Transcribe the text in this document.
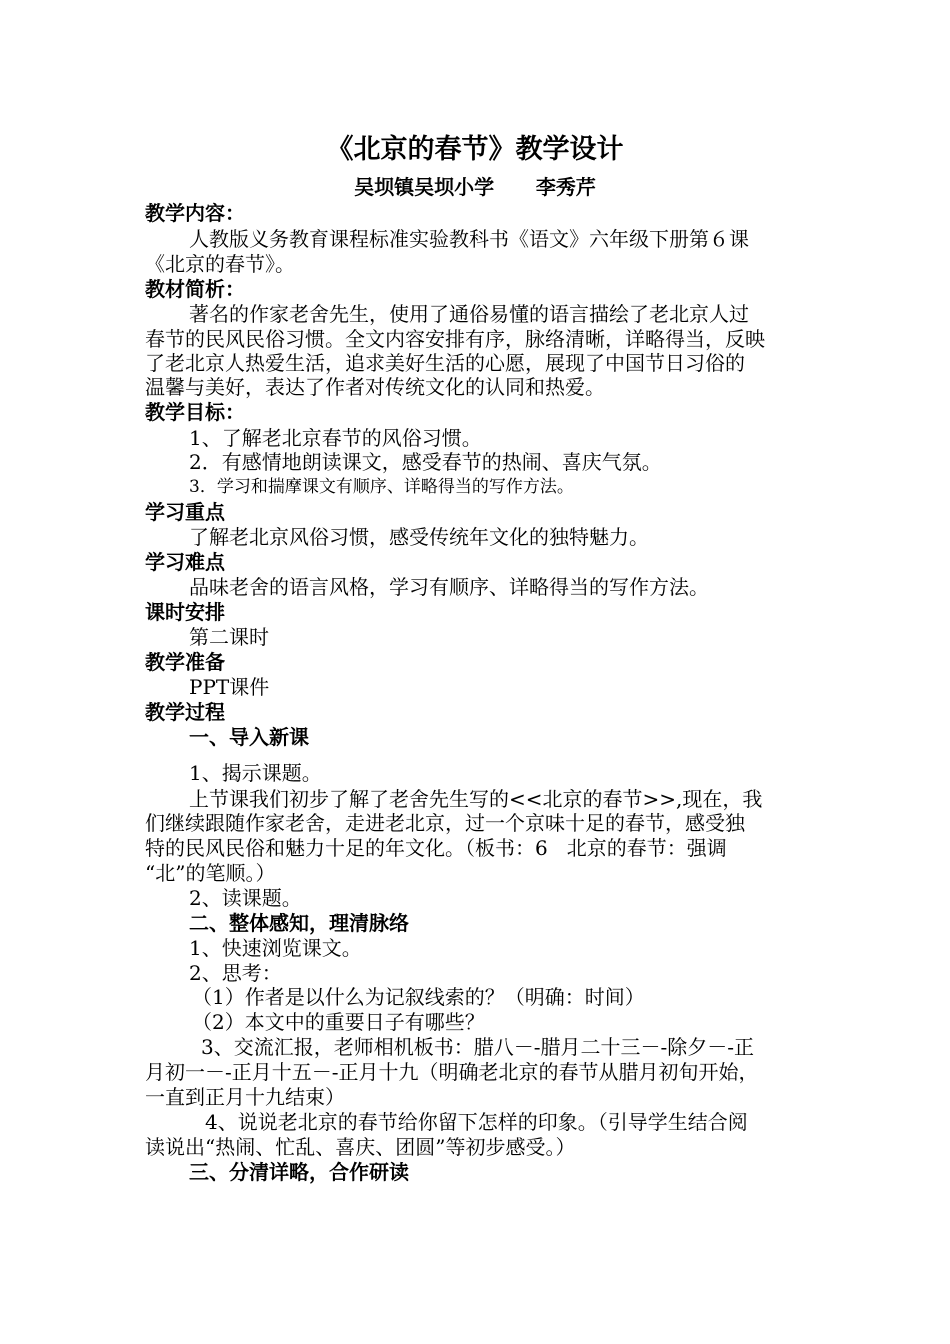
《北京的春节》教学设计
吴坝镇吴坝小学      李秀芹
教学内容：
人教版义务教育课程标准实验教科书《语文》六年级下册第６课
《北京的春节》。
教材简析：
著名的作家老舍先生，使用了通俗易懂的语言描绘了老北京人过
春节的民风民俗习惯。全文内容安排有序，脉络清晰，详略得当，反映
了老北京人热爱生活，追求美好生活的心愿，展现了中国节日习俗的
温馨与美好，表达了作者对传统文化的认同和热爱。
教学目标：
1、了解老北京春节的风俗习惯。
2．有感情地朗读课文，感受春节的热闹、喜庆气氛。
3．学习和揣摩课文有顺序、详略得当的写作方法。
学习重点
了解老北京风俗习惯，感受传统年文化的独特魅力。
学习难点
品味老舍的语言风格，学习有顺序、详略得当的写作方法。
课时安排
第二课时
教学准备
PPT课件
教学过程
一、导入新课
1、揭示课题。
上节课我们初步了解了老舍先生写的<<北京的春节>>,现在，我
们继续跟随作家老舍，走进老北京，过一个京味十足的春节，感受独
特的民风民俗和魅力十足的年文化。（板书：6   北京的春节：强调
“北”的笔顺。）
2、读课题。
二、整体感知，理清脉络
1、快速浏览课文。
2、思考：
（1）作者是以什么为记叙线索的？（明确：时间）
（2）本文中的重要日子有哪些？
3、交流汇报，老师相机板书：腊八－-腊月二十三－-除夕－-正
月初一－-正月十五－-正月十九（明确老北京的春节从腊月初旬开始，
一直到正月十九结束）
4、说说老北京的春节给你留下怎样的印象。（引导学生结合阅
读说出“热闹、忙乱、喜庆、团圆”等初步感受。）
三、分清详略，合作研读
